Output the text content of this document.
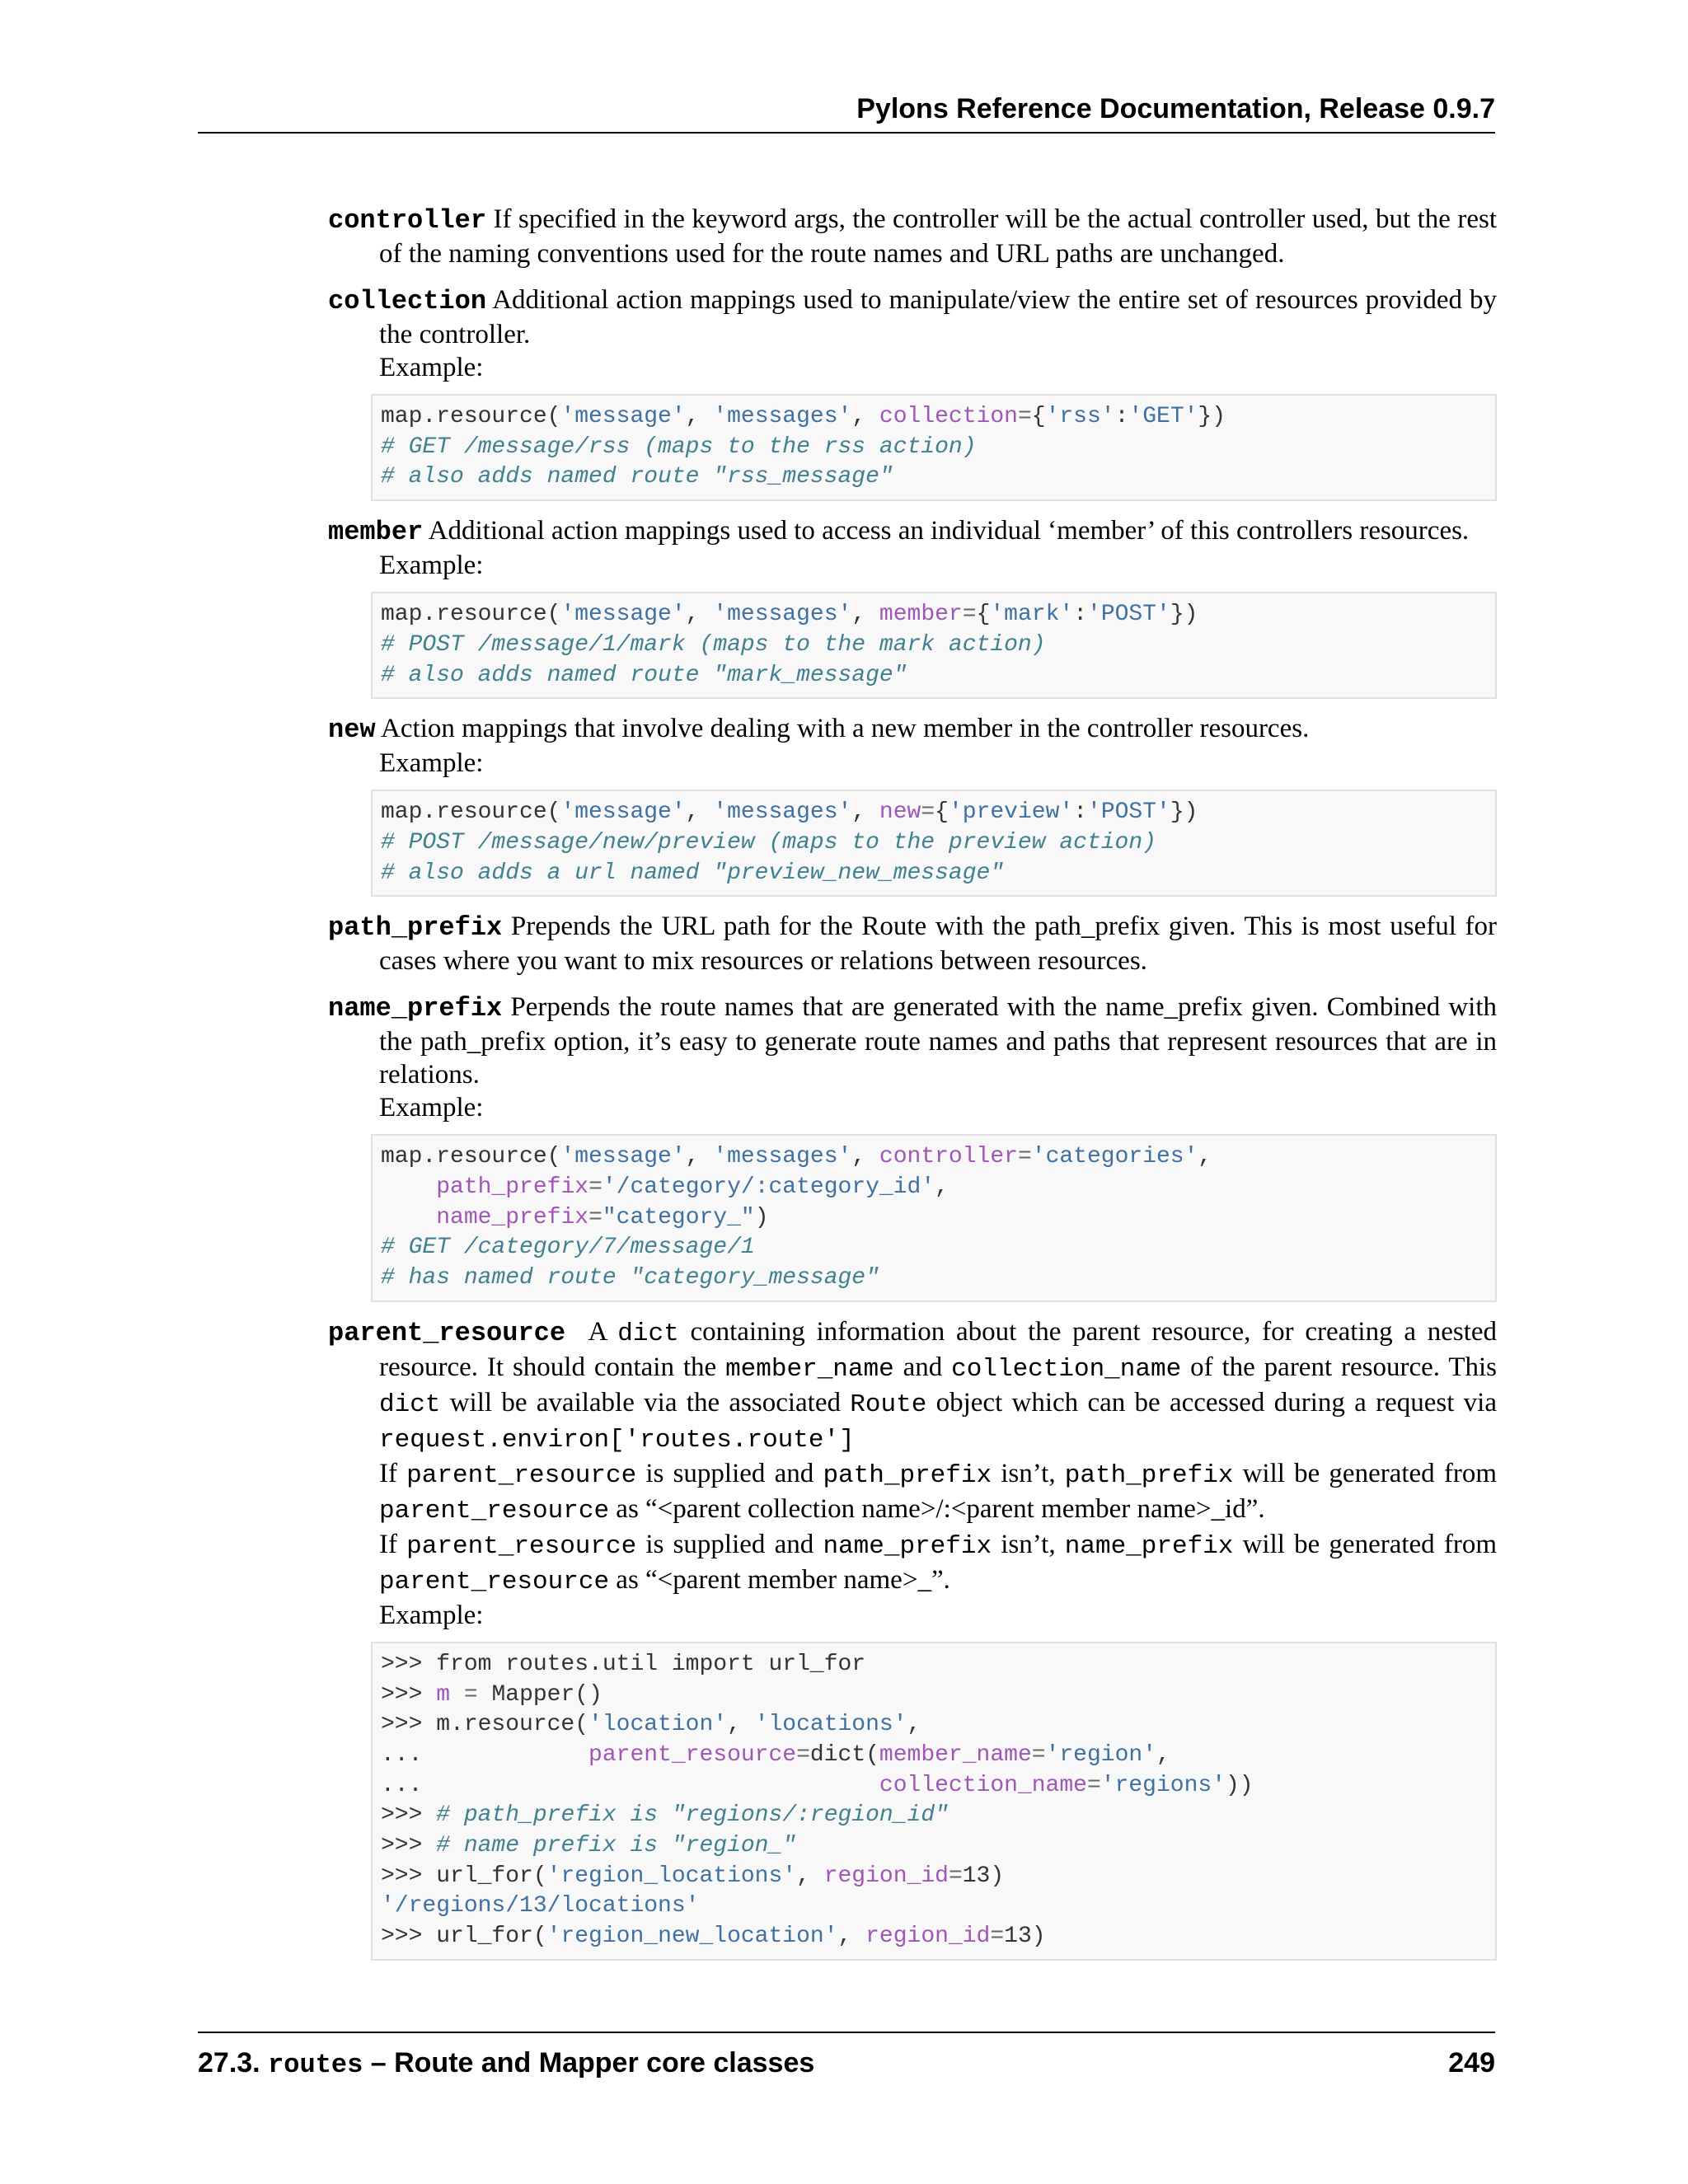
Pylons Reference Documentation, Release 0.9.7

controller If specified in the keyword args, the controller will be the actual controller used, but the rest of the naming conventions used for the route names and URL paths are unchanged.

collection Additional action mappings used to manipulate/view the entire set of resources provided by the controller.

Example:

map.resource('message', 'messages', collection={'rss':'GET'})
# GET /message/rss (maps to the rss action)
# also adds named route "rss_message"

member Additional action mappings used to access an individual ‘member’ of this controllers resources.

Example:

map.resource('message', 'messages', member={'mark':'POST'})
# POST /message/1/mark (maps to the mark action)
# also adds named route "mark_message"

new Action mappings that involve dealing with a new member in the controller resources.

Example:

map.resource('message', 'messages', new={'preview':'POST'})
# POST /message/new/preview (maps to the preview action)
# also adds a url named "preview_new_message"

path_prefix Prepends the URL path for the Route with the path_prefix given. This is most useful for cases where you want to mix resources or relations between resources.

name_prefix Perpends the route names that are generated with the name_prefix given. Combined with the path_prefix option, it’s easy to generate route names and paths that represent resources that are in relations.

Example:

map.resource('message', 'messages', controller='categories',
path_prefix='/category/:category_id',
name_prefix="category_")
# GET /category/7/message/1
# has named route "category_message"

parent_resource A dict containing information about the parent resource, for creating a nested resource. It should contain the member_name and collection_name of the parent resource. This dict will be available via the associated Route object which can be accessed during a request via request.environ['routes.route']

If parent_resource is supplied and path_prefix isn’t, path_prefix will be generated from parent_resource as “<parent collection name>/:<parent member name>_id”.

If parent_resource is supplied and name_prefix isn’t, name_prefix will be generated from parent_resource as “<parent member name>_”.

Example:

>>> from routes.util import url_for
>>> m = Mapper()
>>> m.resource('location', 'locations',
...            parent_resource=dict(member_name='region',
...                                 collection_name='regions'))
>>> # path_prefix is "regions/:region_id"
>>> # name prefix is "region_"
>>> url_for('region_locations', region_id=13)
'/regions/13/locations'
>>> url_for('region_new_location', region_id=13)
27.3. routes – Route and Mapper core classes	249
